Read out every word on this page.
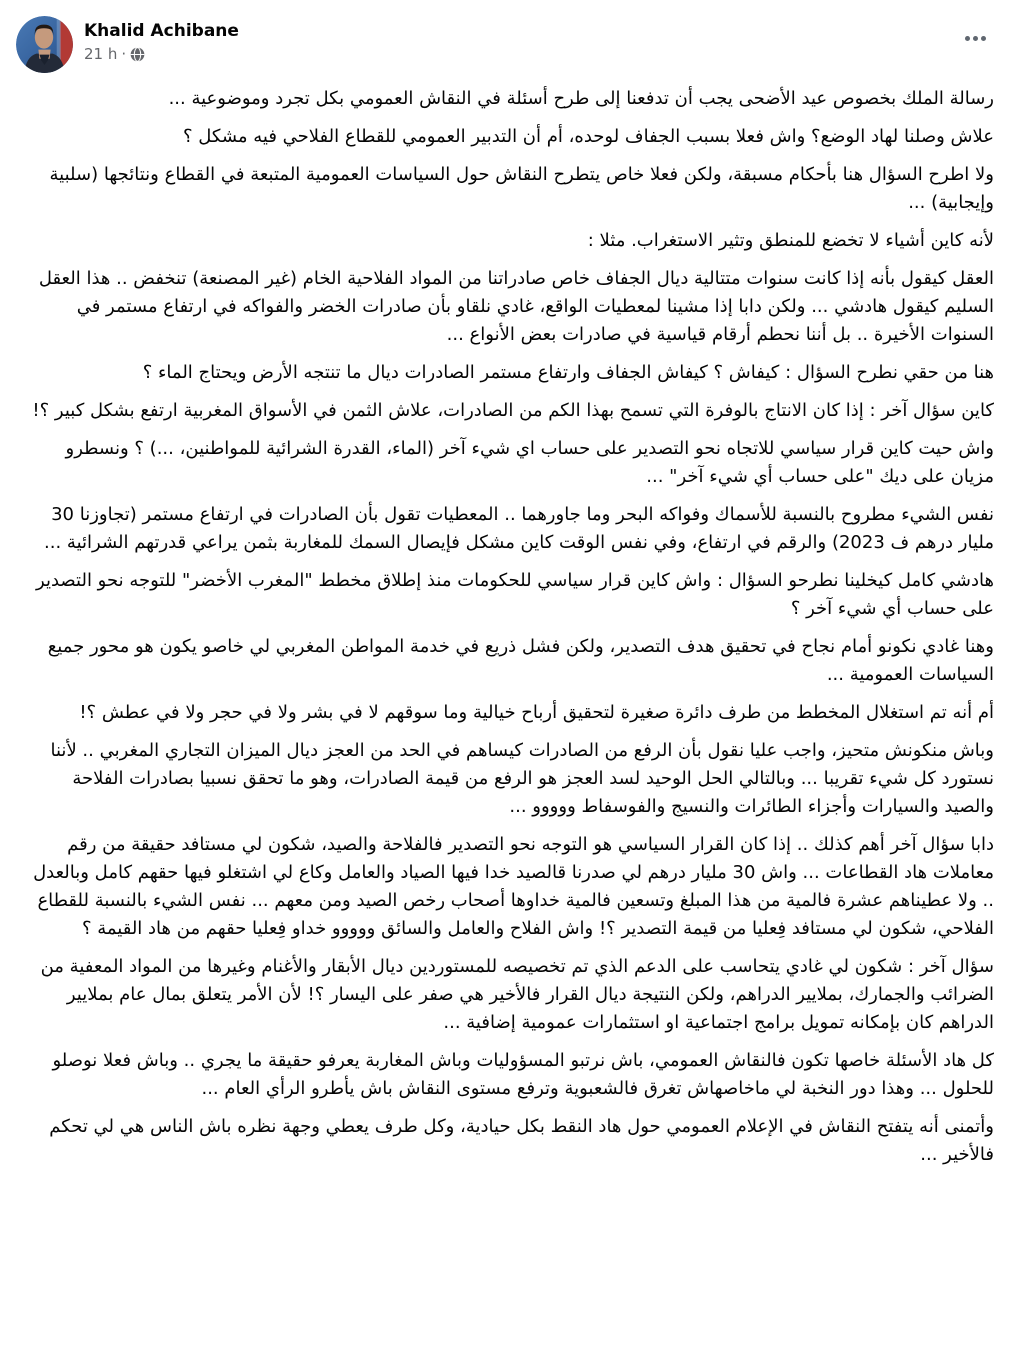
Khalid Achibane
21 h ·

رسالة الملك بخصوص عيد الأضحى يجب أن تدفعنا إلى طرح أسئلة في النقاش العمومي بكل تجرد وموضوعية ...

علاش وصلنا لهاد الوضع؟ واش فعلا بسبب الجفاف لوحده، أم أن التدبير العمومي للقطاع الفلاحي فيه مشكل ؟

ولا اطرح السؤال هنا بأحكام مسبقة، ولكن فعلا خاص يتطرح النقاش حول السياسات العمومية المتبعة في القطاع ونتائجها (سلبية وإيجابية) ...

لأنه كاين أشياء لا تخضع للمنطق وتثير الاستغراب. مثلا :

العقل كيقول بأنه إذا كانت سنوات متتالية ديال الجفاف خاص صادراتنا من المواد الفلاحية الخام (غير المصنعة) تنخفض .. هذا العقل السليم كيقول هادشي ... ولكن دابا إذا مشينا لمعطيات الواقع، غادي نلقاو بأن صادرات الخضر والفواكه في ارتفاع مستمر في السنوات الأخيرة .. بل أننا نحطم أرقام قياسية في صادرات بعض الأنواع ...

هنا من حقي نطرح السؤال : كيفاش ؟ كيفاش الجفاف وارتفاع مستمر الصادرات ديال ما تنتجه الأرض ويحتاج الماء ؟

كاين سؤال آخر : إذا كان الانتاج بالوفرة التي تسمح بهذا الكم من الصادرات، علاش الثمن في الأسواق المغربية ارتفع بشكل كبير ؟!

واش حيت كاين قرار سياسي للاتجاه نحو التصدير على حساب اي شيء آخر (الماء، القدرة الشرائية للمواطنين، ...) ؟ ونسطرو مزيان على ديك "على حساب أي شيء آخر" ...

نفس الشيء مطروح بالنسبة للأسماك وفواكه البحر وما جاورهما .. المعطيات تقول بأن الصادرات في ارتفاع مستمر (تجاوزنا 30 مليار درهم ف 2023) والرقم في ارتفاع، وفي نفس الوقت كاين مشكل فإيصال السمك للمغاربة بثمن يراعي قدرتهم الشرائية ...

هادشي كامل كيخلينا نطرحو السؤال : واش كاين قرار سياسي للحكومات منذ إطلاق مخطط "المغرب الأخضر" للتوجه نحو التصدير على حساب أي شيء آخر ؟

وهنا غادي نكونو أمام نجاح في تحقيق هدف التصدير، ولكن فشل ذريع في خدمة المواطن المغربي لي خاصو يكون هو محور جميع السياسات العمومية ...

أم أنه تم استغلال المخطط من طرف دائرة صغيرة لتحقيق أرباح خيالية وما سوقهم لا في بشر ولا في حجر ولا في عطش ؟!

وباش منكونش متحيز، واجب عليا نقول بأن الرفع من الصادرات كيساهم في الحد من العجز ديال الميزان التجاري المغربي .. لأننا نستورد كل شيء تقريبا ... وبالتالي الحل الوحيد لسد العجز هو الرفع من قيمة الصادرات، وهو ما تحقق نسبيا بصادرات الفلاحة والصيد والسيارات وأجزاء الطائرات والنسيج والفوسفاط ووووو ...

دابا سؤال آخر أهم كذلك .. إذا كان القرار السياسي هو التوجه نحو التصدير فالفلاحة والصيد، شكون لي مستافد حقيقة من رقم معاملات هاد القطاعات ... واش 30 مليار درهم لي صدرنا قالصيد خدا فيها الصياد والعامل وكاع لي اشتغلو فيها حقهم كامل وبالعدل .. ولا عطيناهم عشرة فالمية من هذا المبلغ وتسعين فالمية خداوها أصحاب رخص الصيد ومن معهم ... نفس الشيء بالنسبة للقطاع الفلاحي، شكون لي مستافد فِعليا من قيمة التصدير ؟! واش الفلاح والعامل والسائق ووووو خداو فِعليا حقهم من هاد القيمة ؟

سؤال آخر : شكون لي غادي يتحاسب على الدعم الذي تم تخصيصه للمستوردين ديال الأبقار والأغنام وغيرها من المواد المعفية من الضرائب والجمارك، بملايير الدراهم، ولكن النتيجة ديال القرار فالأخير هي صفر على اليسار ؟! لأن الأمر يتعلق بمال عام بملايير الدراهم كان بإمكانه تمويل برامج اجتماعية او استثمارات عمومية إضافية ...

كل هاد الأسئلة خاصها تكون فالنقاش العمومي، باش نرتبو المسؤوليات وباش المغاربة يعرفو حقيقة ما يجري .. وباش فعلا نوصلو للحلول ... وهذا دور النخبة لي ماخاصهاش تغرق فالشعبوية وترفع مستوى النقاش باش يأطرو الرأي العام ...

وأتمنى أنه يتفتح النقاش في الإعلام العمومي حول هاد النقط بكل حيادية، وكل طرف يعطي وجهة نظره باش الناس هي لي تحكم فالأخير ...
